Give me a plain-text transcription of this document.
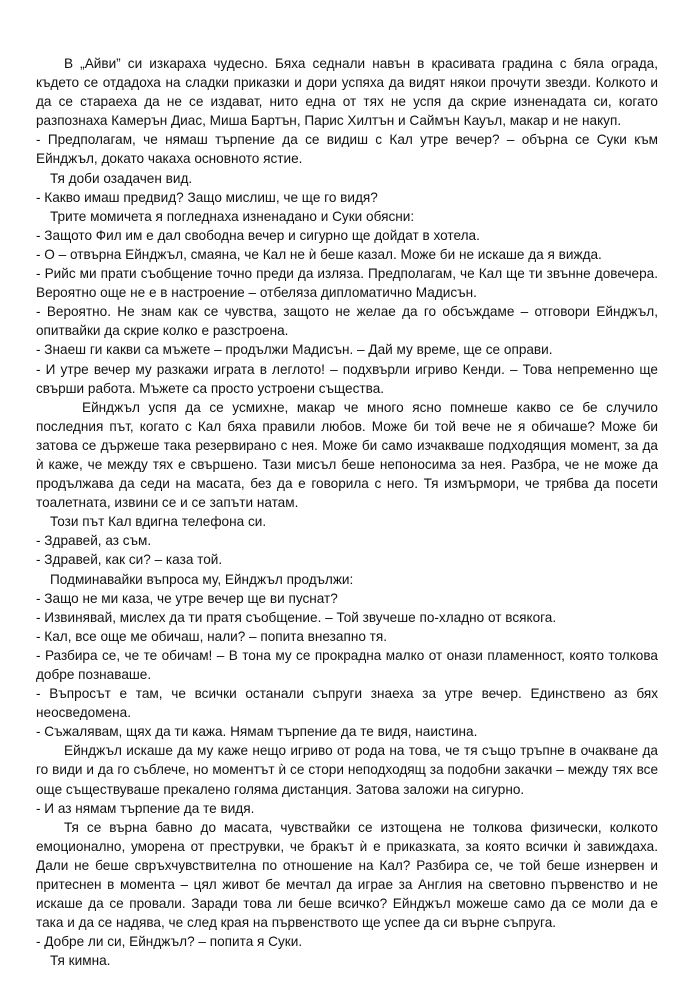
В „Айви” си изкараха чудесно. Бяха седнали навън в красивата градина с бяла ограда, където се отдадоха на сладки приказки и дори успяха да видят някои прочути звезди. Колкото и да се стараеха да не се издават, нито една от тях не успя да скрие изненадата си, когато разпознаха Камерън Диас, Миша Бартън, Парис Хилтън и Саймън Кауъл, макар и не накуп.

- Предполагам, че нямаш търпение да се видиш с Кал утре вечер? – обърна се Суки към Ейнджъл, докато чакаха основното ястие.

Тя доби озадачен вид.

- Какво имаш предвид? Защо мислиш, че ще го видя?

Трите момичета я погледнаха изненадано и Суки обясни:

- Защото Фил им е дал свободна вечер и сигурно ще дойдат в хотела.

- О – отвърна Ейнджъл, смаяна, че Кал не ѝ беше казал. Може би не искаше да я вижда.

- Рийс ми прати съобщение точно преди да изляза. Предполагам, че Кал ще ти звънне довечера. Вероятно още не е в настроение – отбеляза дипломатично Мадисън.

- Вероятно. Не знам как се чувства, защото не желае да го обсъждаме – отговори Ейнджъл, опитвайки да скрие колко е разстроена.

- Знаеш ги какви са мъжете – продължи Мадисън. – Дай му време, ще се оправи.

- И утре вечер му разкажи играта в леглото! – подхвърли игриво Кенди. – Това непременно ще свърши работа. Мъжете са просто устроени същества.

Ейнджъл успя да се усмихне, макар че много ясно помнеше какво се бе случило последния път, когато с Кал бяха правили любов. Може би той вече не я обичаше? Може би затова се държеше така резервирано с нея. Може би само изчакваше подходящия момент, за да ѝ каже, че между тях е свършено. Тази мисъл беше непоносима за нея. Разбра, че не може да продължава да седи на масата, без да е говорила с него. Тя измърмори, че трябва да посети тоалетната, извини се и се запъти натам.

Този път Кал вдигна телефона си.

- Здравей, аз съм.

- Здравей, как си? – каза той.

Подминавайки въпроса му, Ейнджъл продължи:

- Защо не ми каза, че утре вечер ще ви пуснат?

- Извинявай, мислех да ти пратя съобщение. – Той звучеше по-хладно от всякога.

- Кал, все още ме обичаш, нали? – попита внезапно тя.

- Разбира се, че те обичам! – В тона му се прокрадна малко от онази пламенност, която толкова добре познаваше.

- Въпросът е там, че всички останали съпруги знаеха за утре вечер. Единствено аз бях неосведомена.

- Съжалявам, щях да ти кажа. Нямам търпение да те видя, наистина.

Ейнджъл искаше да му каже нещо игриво от рода на това, че тя също тръпне в очакване да го види и да го съблече, но моментът ѝ се стори неподходящ за подобни закачки – между тях все още съществуваше прекалено голяма дистанция. Затова заложи на сигурно.

- И аз нямам търпение да те видя.

Тя се върна бавно до масата, чувствайки се изтощена не толкова физически, колкото емоционално, уморена от преструвки, че бракът ѝ е приказката, за която всички ѝ завиждаха. Дали не беше свръхчувствителна по отношение на Кал? Разбира се, че той беше изнервен и притеснен в момента – цял живот бе мечтал да играе за Англия на световно първенство и не искаше да се провали. Заради това ли беше всичко? Ейнджъл можеше само да се моли да е така и да се надява, че след края на първенството ще успее да си върне съпруга.

- Добре ли си, Ейнджъл? – попита я Суки.

Тя кимна.
